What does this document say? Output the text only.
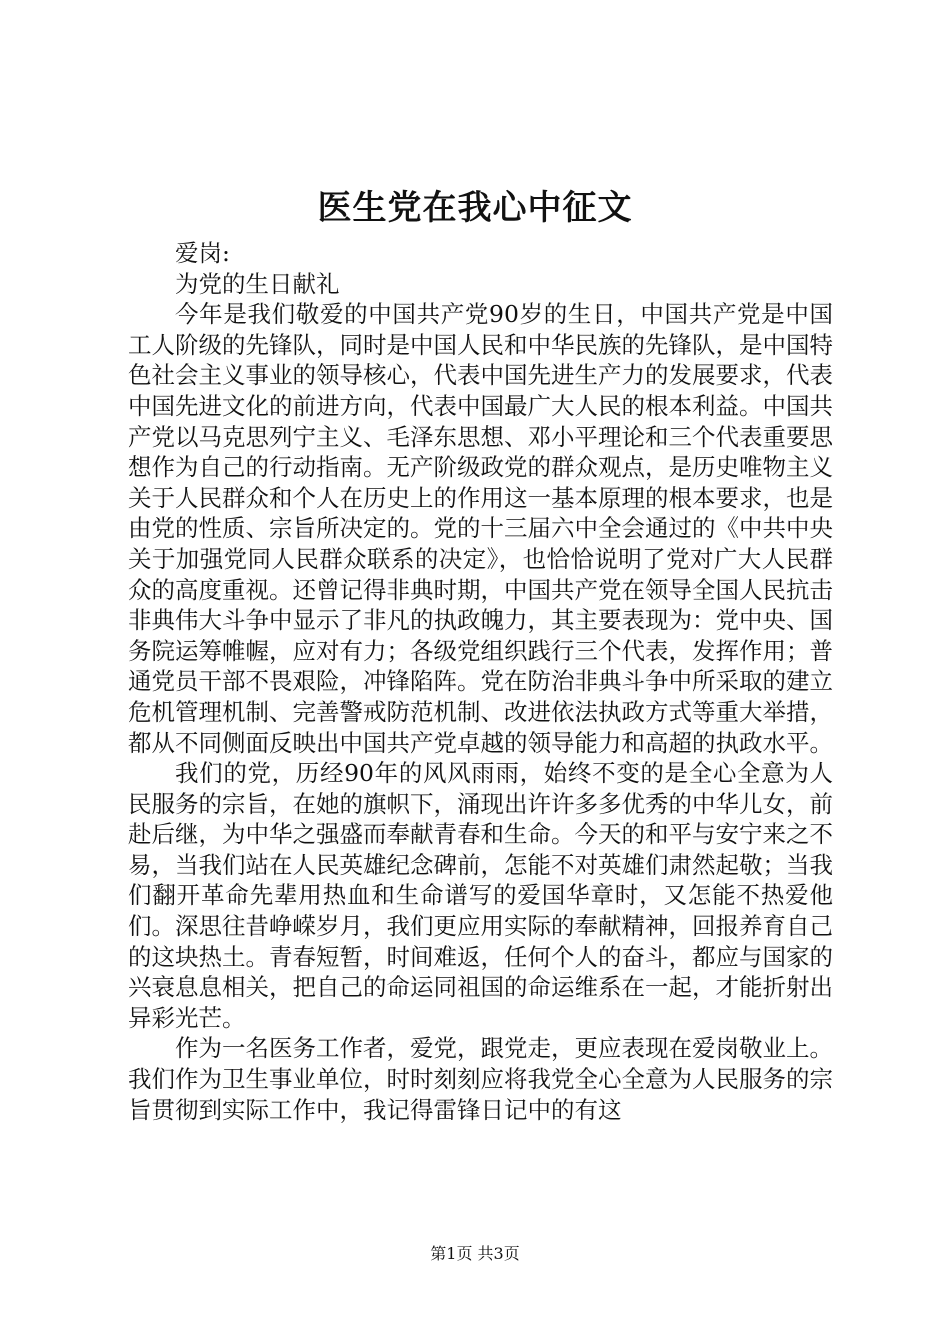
医生党在我心中征文

爱岗:

为党的生日献礼

今年是我们敬爱的中国共产党90岁的生日，中国共产党是中国工人阶级的先锋队，同时是中国人民和中华民族的先锋队，是中国特色社会主义事业的领导核心，代表中国先进生产力的发展要求，代表中国先进文化的前进方向，代表中国最广大人民的根本利益。中国共产党以马克思列宁主义、毛泽东思想、邓小平理论和三个代表重要思想作为自己的行动指南。无产阶级政党的群众观点，是历史唯物主义关于人民群众和个人在历史上的作用这一基本原理的根本要求，也是由党的性质、宗旨所决定的。党的十三届六中全会通过的《中共中央关于加强党同人民群众联系的决定》，也恰恰说明了党对广大人民群众的高度重视。还曾记得非典时期，中国共产党在领导全国人民抗击非典伟大斗争中显示了非凡的执政魄力，其主要表现为：党中央、国务院运筹帷幄，应对有力；各级党组织践行三个代表，发挥作用；普通党员干部不畏艰险，冲锋陷阵。党在防治非典斗争中所采取的建立危机管理机制、完善警戒防范机制、改进依法执政方式等重大举措，都从不同侧面反映出中国共产党卓越的领导能力和高超的执政水平。

我们的党，历经90年的风风雨雨，始终不变的是全心全意为人民服务的宗旨，在她的旗帜下，涌现出许许多多优秀的中华儿女，前赴后继，为中华之强盛而奉献青春和生命。今天的和平与安宁来之不易，当我们站在人民英雄纪念碑前，怎能不对英雄们肃然起敬；当我们翻开革命先辈用热血和生命谱写的爱国华章时，又怎能不热爱他们。深思往昔峥嵘岁月，我们更应用实际的奉献精神，回报养育自己的这块热土。青春短暂，时间难返，任何个人的奋斗，都应与国家的兴衰息息相关，把自己的命运同祖国的命运维系在一起，才能折射出异彩光芒。

作为一名医务工作者，爱党，跟党走，更应表现在爱岗敬业上。我们作为卫生事业单位，时时刻刻应将我党全心全意为人民服务的宗旨贯彻到实际工作中，我记得雷锋日记中的有这

第1页 共3页
